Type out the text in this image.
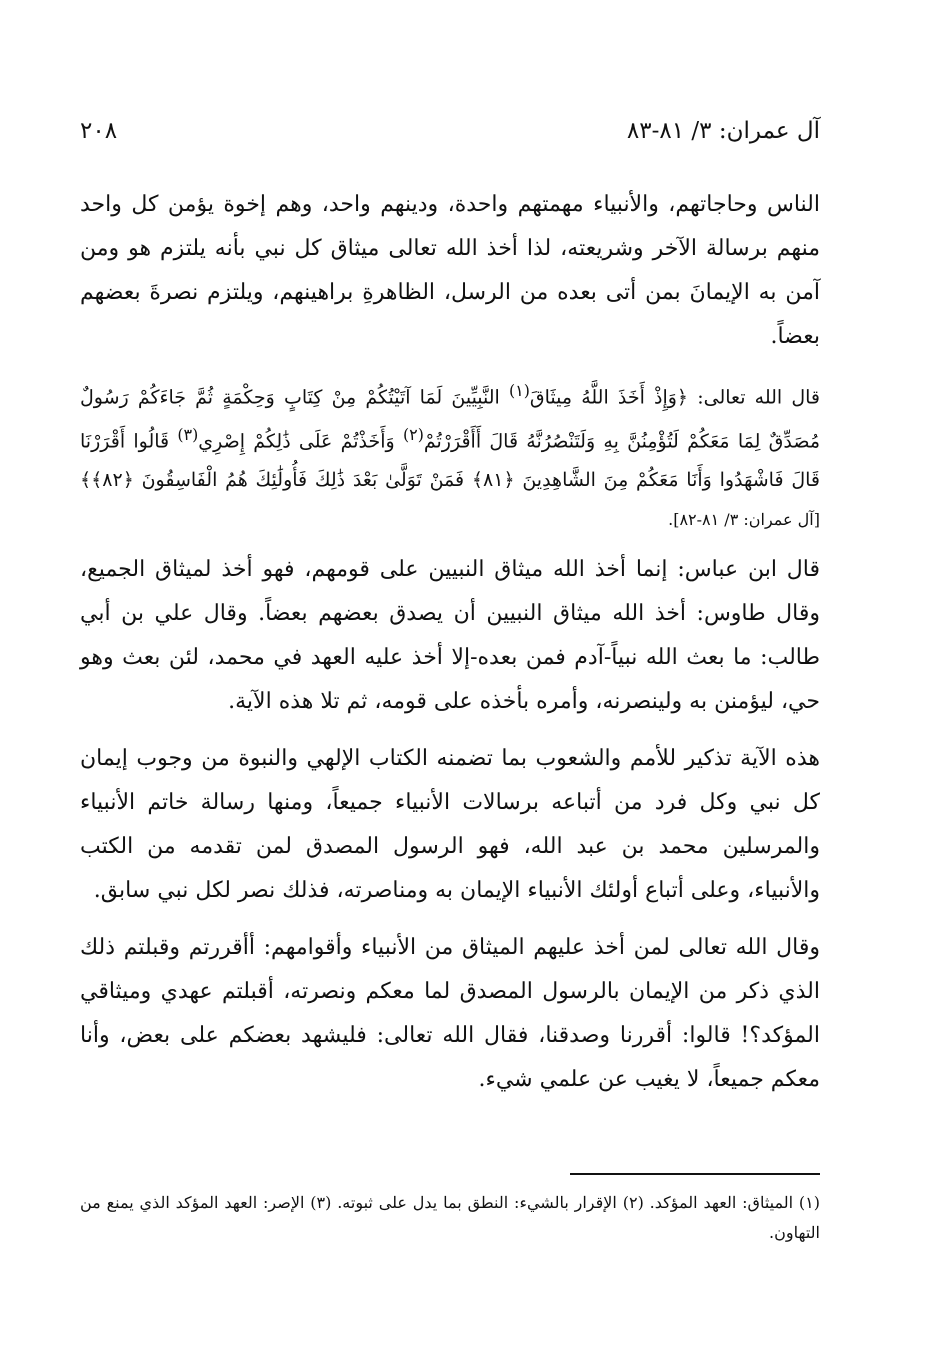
آل عمران: ٣/ ٨١-٨٣
٢٠٨

الناس وحاجاتهم، والأنبياء مهمتهم واحدة، ودينهم واحد، وهم إخوة يؤمن كل واحد منهم برسالة الآخر وشريعته، لذا أخذ الله تعالى ميثاق كل نبي بأنه يلتزم هو ومن آمن به الإيمانَ بمن أتى بعده من الرسل، الظاهرةِ براهينهم، ويلتزم نصرةَ بعضهم بعضاً.

قال الله تعالى: ﴿وَإِذْ أَخَذَ اللَّهُ مِيثَاقَ$^{(١)}$ النَّبِيِّينَ لَمَا آتَيْتُكُمْ مِنْ كِتَابٍ وَحِكْمَةٍ ثُمَّ جَاءَكُمْ رَسُولٌ مُصَدِّقٌ لِمَا مَعَكُمْ لَتُؤْمِنُنَّ بِهِ وَلَتَنْصُرُنَّهُ قَالَ أَأَقْرَرْتُمْ$^{(٢)}$ وَأَخَذْتُمْ عَلَى ذَٰلِكُمْ إِصْرِي$^{(٣)}$ قَالُوا أَقْرَرْنَا قَالَ فَاشْهَدُوا وَأَنَا مَعَكُمْ مِنَ الشَّاهِدِينَ ﴿٨١﴾ فَمَنْ تَوَلَّىٰ بَعْدَ ذَٰلِكَ فَأُولَٰئِكَ هُمُ الْفَاسِقُونَ ﴿٨٢﴾﴾ [آل عمران: ٣/ ٨١-٨٢].

قال ابن عباس: إنما أخذ الله ميثاق النبيين على قومهم، فهو أخذ لميثاق الجميع، وقال طاوس: أخذ الله ميثاق النبيين أن يصدق بعضهم بعضاً. وقال علي بن أبي طالب: ما بعث الله نبياً-آدم فمن بعده-إلا أخذ عليه العهد في محمد، لئن بعث وهو حي، ليؤمنن به ولينصرنه، وأمره بأخذه على قومه، ثم تلا هذه الآية.

هذه الآية تذكير للأمم والشعوب بما تضمنه الكتاب الإلهي والنبوة من وجوب إيمان كل نبي وكل فرد من أتباعه برسالات الأنبياء جميعاً، ومنها رسالة خاتم الأنبياء والمرسلين محمد بن عبد الله، فهو الرسول المصدق لمن تقدمه من الكتب والأنبياء، وعلى أتباع أولئك الأنبياء الإيمان به ومناصرته، فذلك نصر لكل نبي سابق.

وقال الله تعالى لمن أخذ عليهم الميثاق من الأنبياء وأقوامهم: أأقررتم وقبلتم ذلك الذي ذكر من الإيمان بالرسول المصدق لما معكم ونصرته، أقبلتم عهدي وميثاقي المؤكد؟! قالوا: أقررنا وصدقنا، فقال الله تعالى: فليشهد بعضكم على بعض، وأنا معكم جميعاً، لا يغيب عن علمي شيء.

(١) الميثاق: العهد المؤكد. (٢) الإقرار بالشيء: النطق بما يدل على ثبوته. (٣) الإصر: العهد المؤكد الذي يمنع من التهاون.
